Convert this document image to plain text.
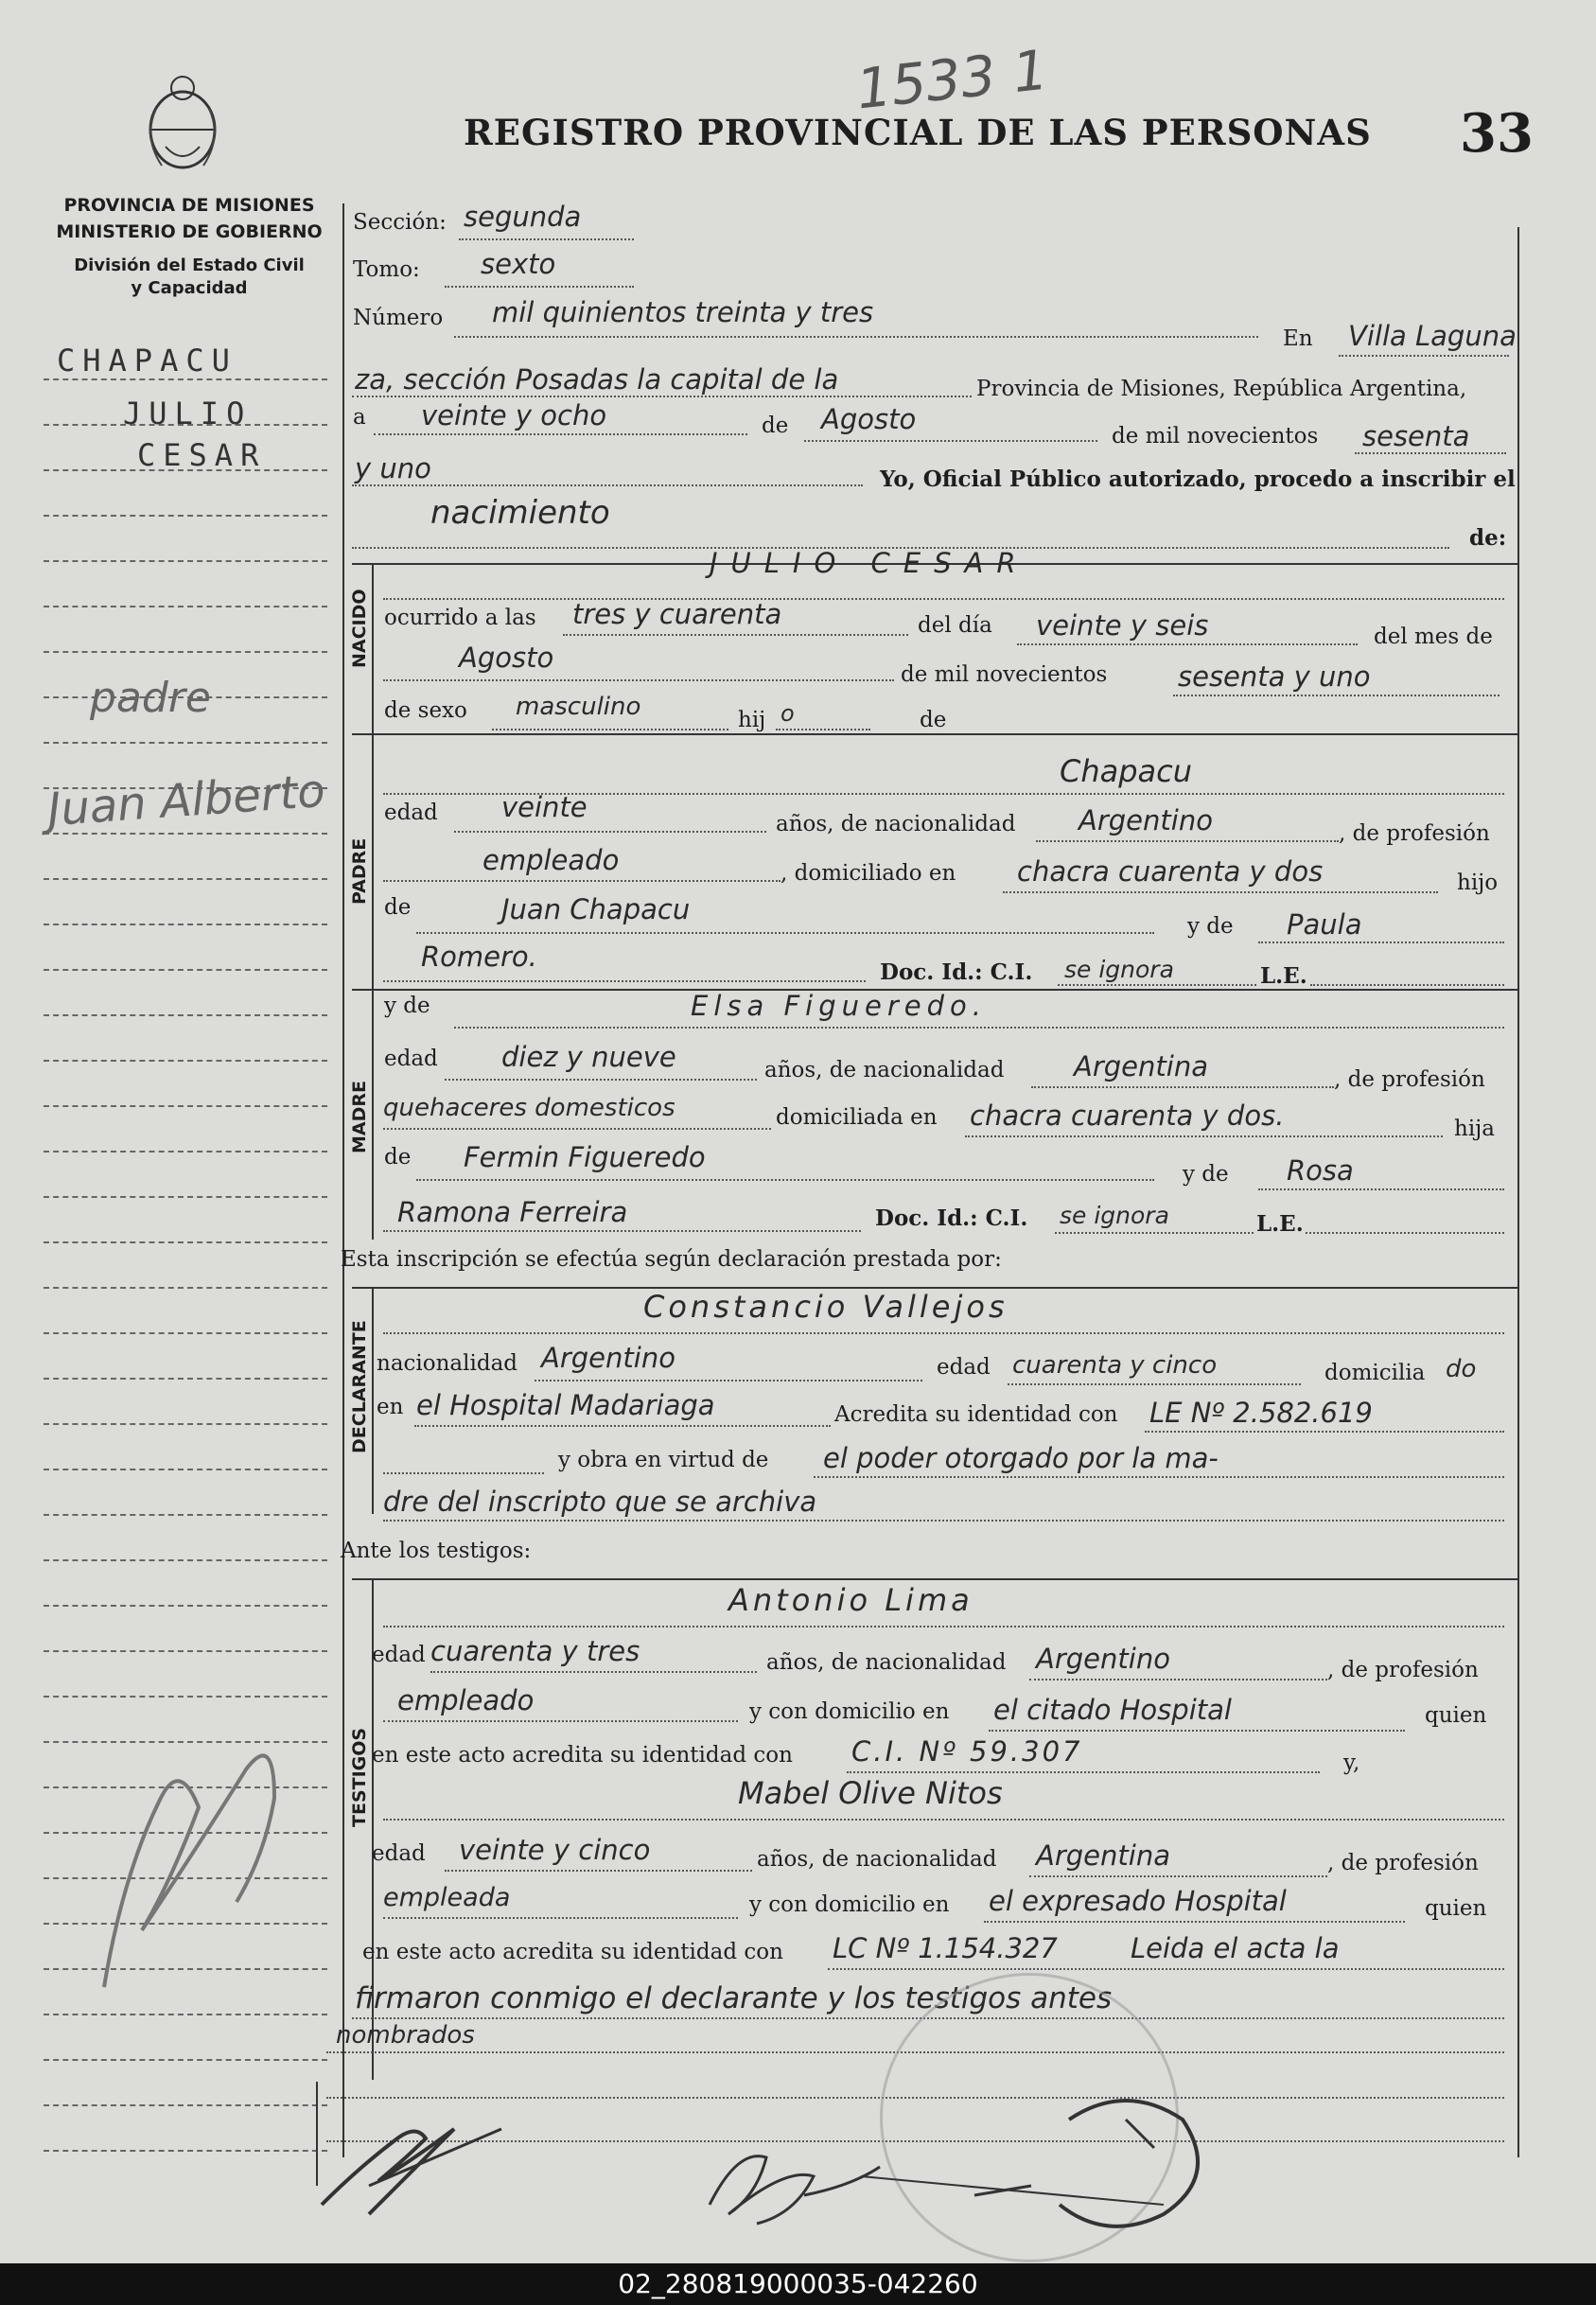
1533 1
REGISTRO PROVINCIAL DE LAS PERSONAS 33
PROVINCIA DE MISIONES
MINISTERIO DE GOBIERNO
División del Estado Civil
y Capacidad
CHAPACU
JULIO
CESAR
padre
Juan Alberto
Sección: segunda
Tomo: sexto
Número mil quinientos treinta y tres
En Villa Laguna
za, sección Posadas la capital de la	Provincia de Misiones, República Argentina,
a veinte y ocho	de Agosto
de mil novecientos sesenta
y uno	Yo, Oficial Público autorizado, procedo a inscribir el
nacimiento
de:
NACIDO
JULIO CESAR
ocurrido a las tres y cuarenta	del día veinte y seis	del mes de
Agosto
de mil novecientos	sesenta y uno
de sexo masculino	hij o	de
PADRE
Chapacu
edad veinte
años, de nacionalidad Argentino	, de profesión
empleado	, domiciliado en chacra cuarenta y dos	hijo
de	Juan Chapacu
y de Paula
Romero.	Doc. Id.: C.I. se ignora	L.E.
MADRE
y de	Elsa Figueredo.
edad diez y nueve	años, de nacionalidad	Argentina	, de profesión
quehaceres domesticos	domiciliada en chacra cuarenta y dos.	hija
de Fermin Figueredo
y de Rosa
Ramona Ferreira	Doc. Id.: C.I. se ignora	L.E.
Esta inscripción se efectúa según declaración prestada por:
DECLARANTE
Constancio Vallejos
nacionalidad Argentino	edad cuarenta y cinco	domicilia do
en el Hospital Madariaga	Acredita su identidad con LE Nº 2.582.619
y obra en virtud de el poder otorgado por la ma-
dre del inscripto que se archiva
Ante los testigos:
TESTIGOS
Antonio Lima
edad cuarenta y tres	años, de nacionalidad Argentino	, de profesión
empleado	y con domicilio en el citado Hospital	quien
en este acto acredita su identidad con C.I. Nº 59.307	y,
Mabel Olive Nitos
edad veinte y cinco	años, de nacionalidad Argentina	, de profesión
empleada	y con domicilio en el expresado Hospital	quien
en este acto acredita su identidad con LC Nº 1.154.327	Leida el acta la
firmaron conmigo el declarante y los testigos antes
nombrados
02_280819000035-042260
